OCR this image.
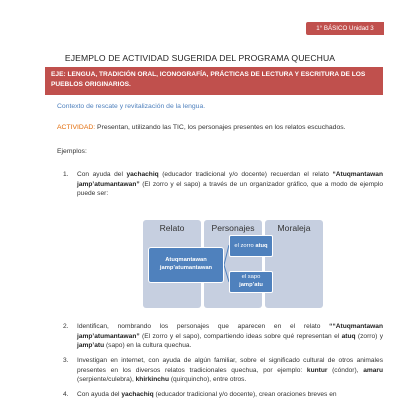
1° BÁSICO Unidad 3
EJEMPLO DE ACTIVIDAD SUGERIDA DEL PROGRAMA QUECHUA
EJE: LENGUA, TRADICIÓN ORAL, ICONOGRAFÍA, PRÁCTICAS DE LECTURA Y ESCRITURA DE LOS PUEBLOS ORIGINARIOS.
Contexto de rescate y revitalización de la lengua.
ACTIVIDAD: Presentan, utilizando las TIC, los personajes presentes en los relatos escuchados.
Ejemplos:
1. Con ayuda del yachachiq (educador tradicional y/o docente) recuerdan el relato “Atuqmantawan jamp’atumantawan” (El zorro y el sapo) a través de un organizador gráfico, que a modo de ejemplo puede ser:
Relato	Personajes	Moraleja
Atuqmantawan jamp’atumantawan
el zorro atuq
el sapo
jamp’atu
2. Identifican, nombrando los personajes que aparecen en el relato ““Atuqmantawan jamp’atumantawan” (El zorro y el sapo), compartiendo ideas sobre qué representan el atuq (zorro) y jamp’atu (sapo) en la cultura quechua.
3. Investigan en internet, con ayuda de algún familiar, sobre el significado cultural de otros animales presentes en los diversos relatos tradicionales quechua, por ejemplo: kuntur (cóndor), amaru (serpiente/culebra), khirkinchu (quirquincho), entre otros.
4. Con ayuda del yachachiq (educador tradicional y/o docente), crean oraciones breves en
